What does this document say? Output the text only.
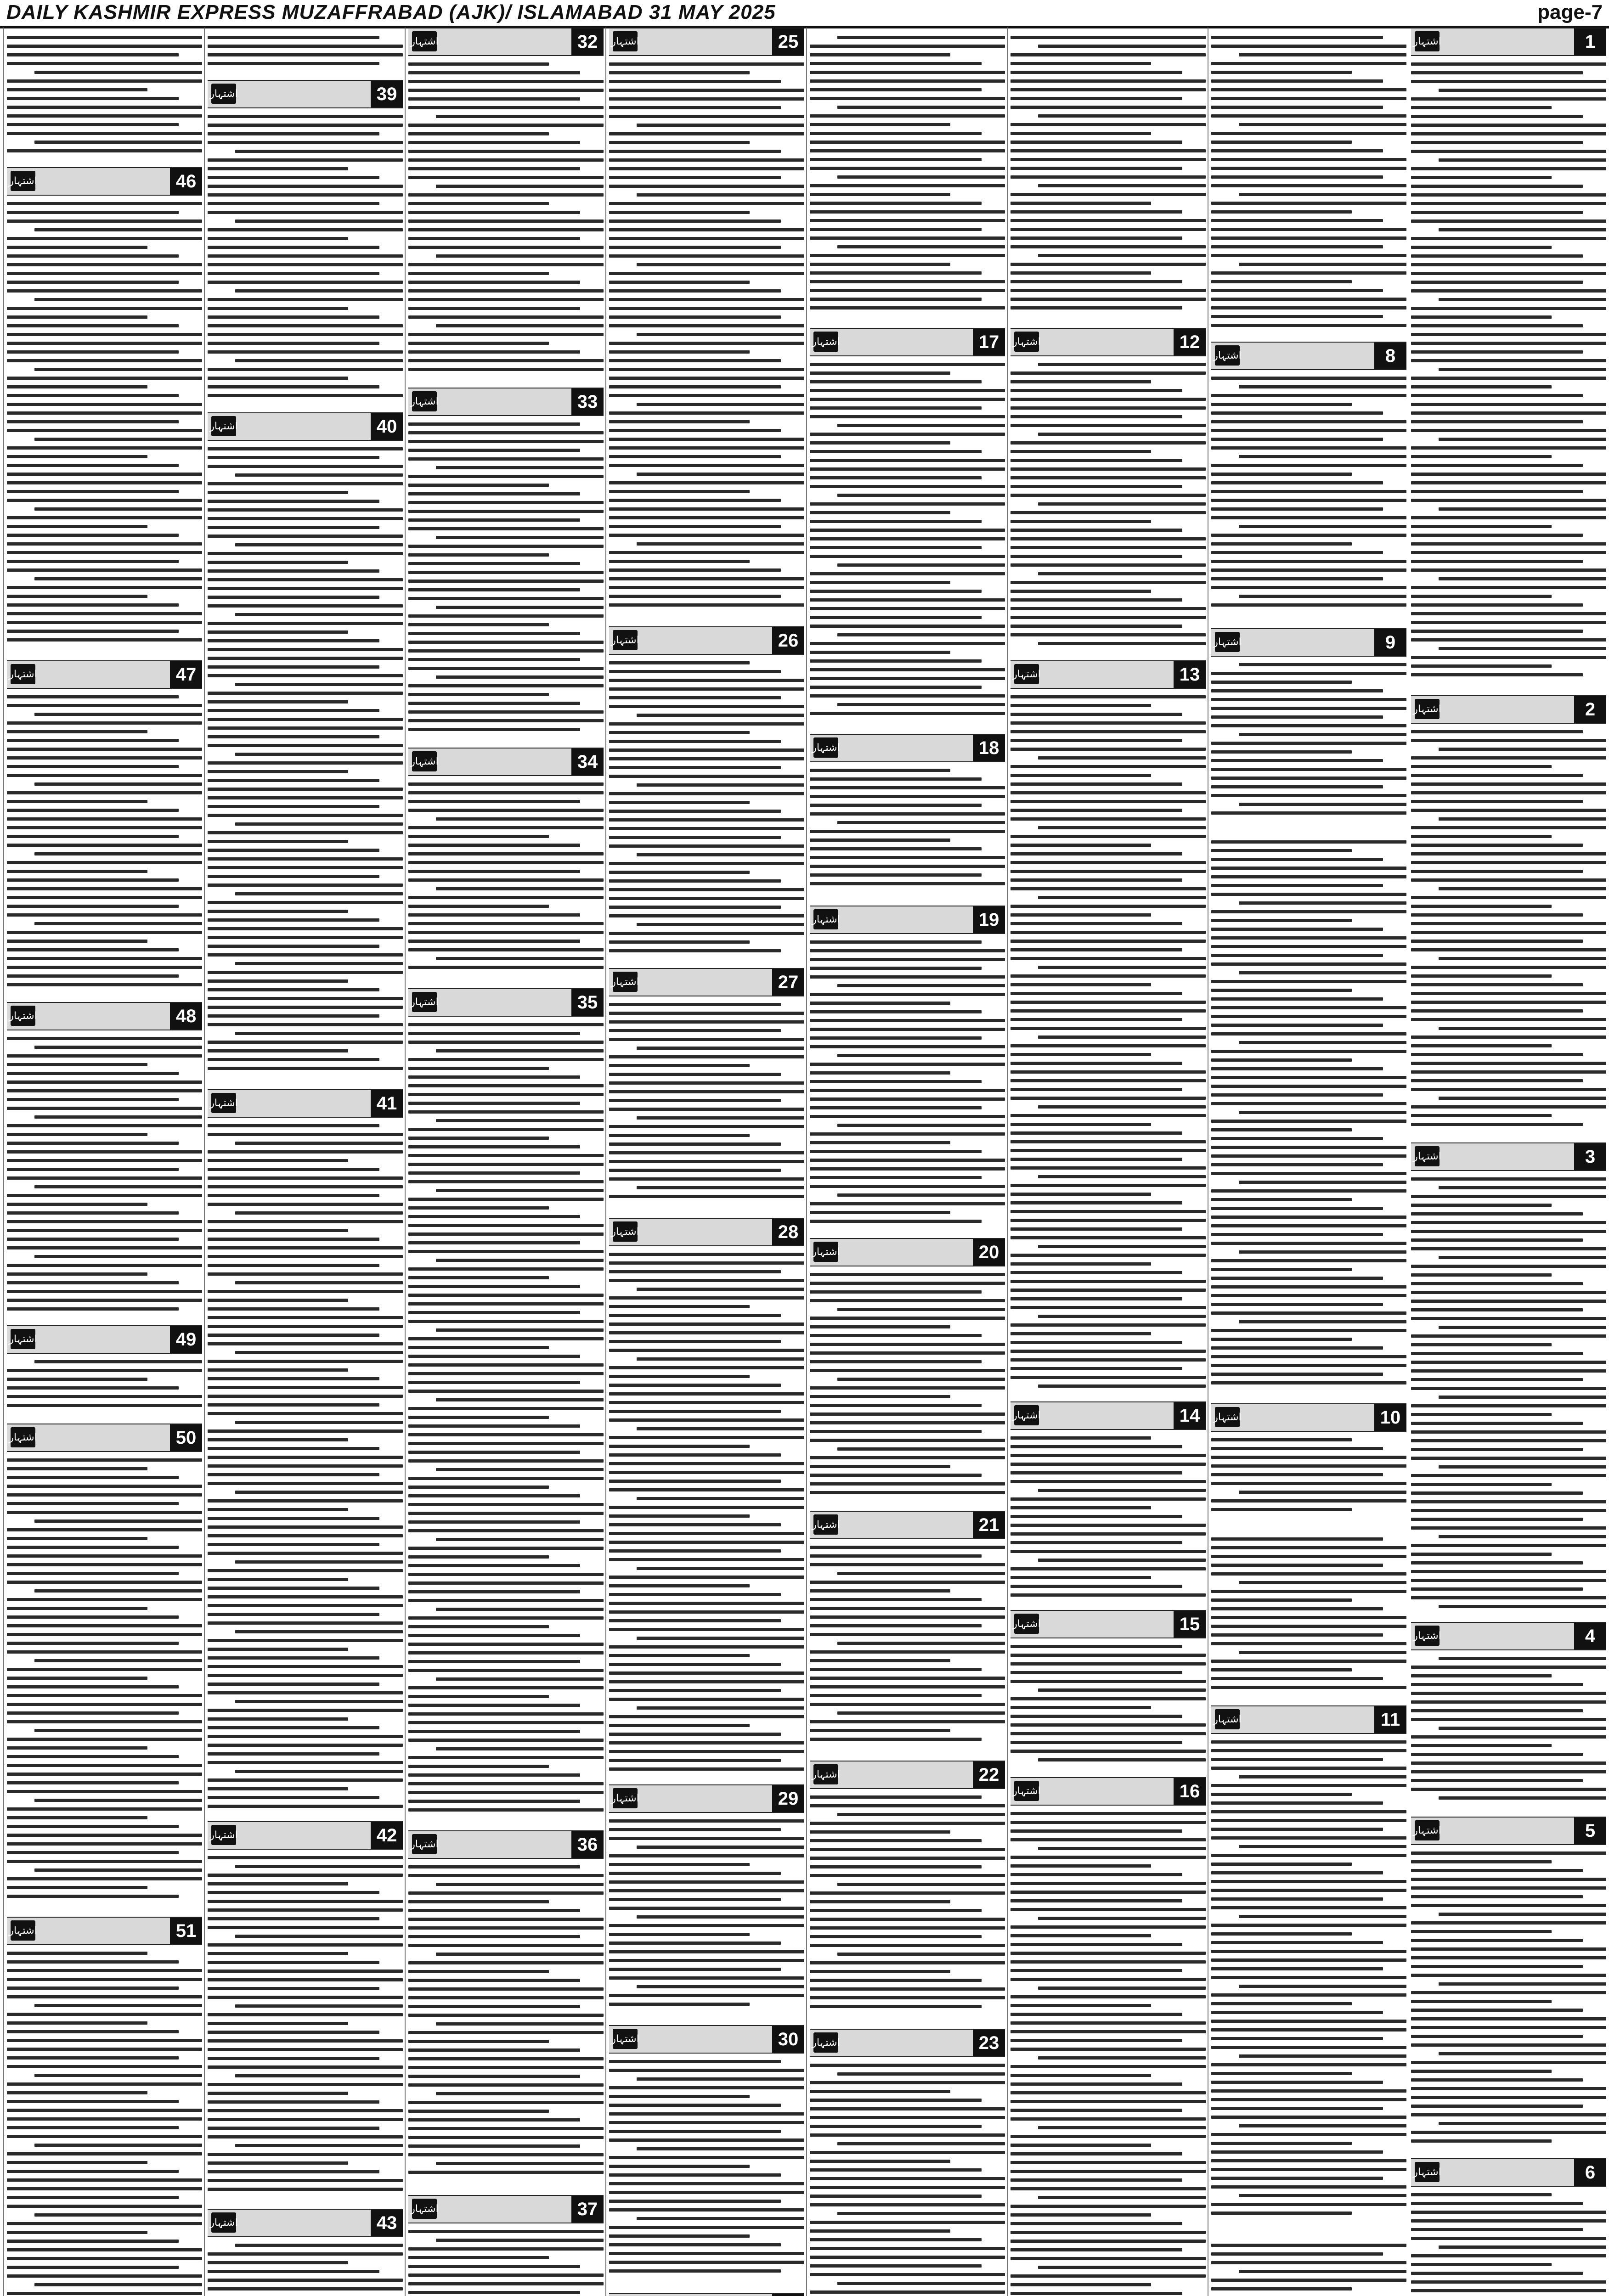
DAILY KASHMIR EXPRESS MUZAFFRABAD (AJK)/ ISLAMABAD 31 MAY 2025	page-7
1
اشتہار
2
اشتہار
3
اشتہار
4
اشتہار
5
اشتہار
6
اشتہار
8
اشتہار
9
اشتہار
10
اشتہار
11
اشتہار
12
اشتہار
13
اشتہار
14
اشتہار
15
اشتہار
16
اشتہار
17
اشتہار
18
اشتہار
19
اشتہار
20
اشتہار
21
اشتہار
22
اشتہار
23
اشتہار
25
اشتہار
26
اشتہار
27
اشتہار
28
اشتہار
29
اشتہار
30
اشتہار
32
اشتہار
33
اشتہار
34
اشتہار
35
اشتہار
36
اشتہار
37
اشتہار
39
اشتہار
40
اشتہار
41
اشتہار
42
اشتہار
43
اشتہار
46
اشتہار
47
اشتہار
48
اشتہار
49
اشتہار
50
اشتہار
51
اشتہار
